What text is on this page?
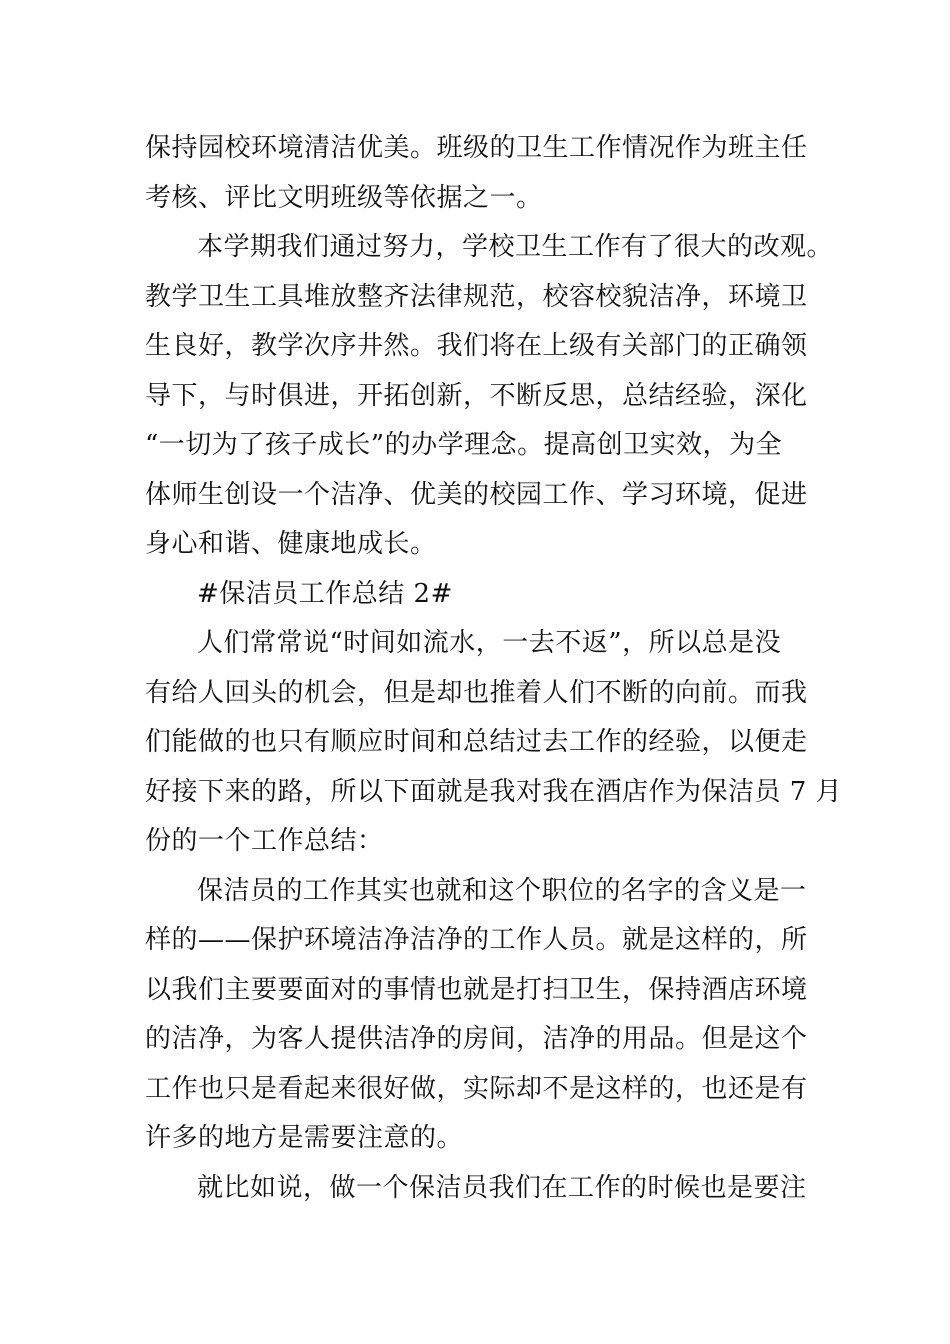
保持园校环境清洁优美。班级的卫生工作情况作为班主任
考核、评比文明班级等依据之一。
本学期我们通过努力，学校卫生工作有了很大的改观。
教学卫生工具堆放整齐法律规范，校容校貌洁净，环境卫
生良好，教学次序井然。我们将在上级有关部门的正确领
导下，与时俱进，开拓创新，不断反思，总结经验，深化
“一切为了孩子成长”的办学理念。提高创卫实效，为全
体师生创设一个洁净、优美的校园工作、学习环境，促进
身心和谐、健康地成长。
#保洁员工作总结 2#
人们常常说“时间如流水，一去不返”，所以总是没
有给人回头的机会，但是却也推着人们不断的向前。而我
们能做的也只有顺应时间和总结过去工作的经验，以便走
好接下来的路，所以下面就是我对我在酒店作为保洁员 7 月
份的一个工作总结：
保洁员的工作其实也就和这个职位的名字的含义是一
样的——保护环境洁净洁净的工作人员。就是这样的，所
以我们主要要面对的事情也就是打扫卫生，保持酒店环境
的洁净，为客人提供洁净的房间，洁净的用品。但是这个
工作也只是看起来很好做，实际却不是这样的，也还是有
许多的地方是需要注意的。
就比如说，做一个保洁员我们在工作的时候也是要注
